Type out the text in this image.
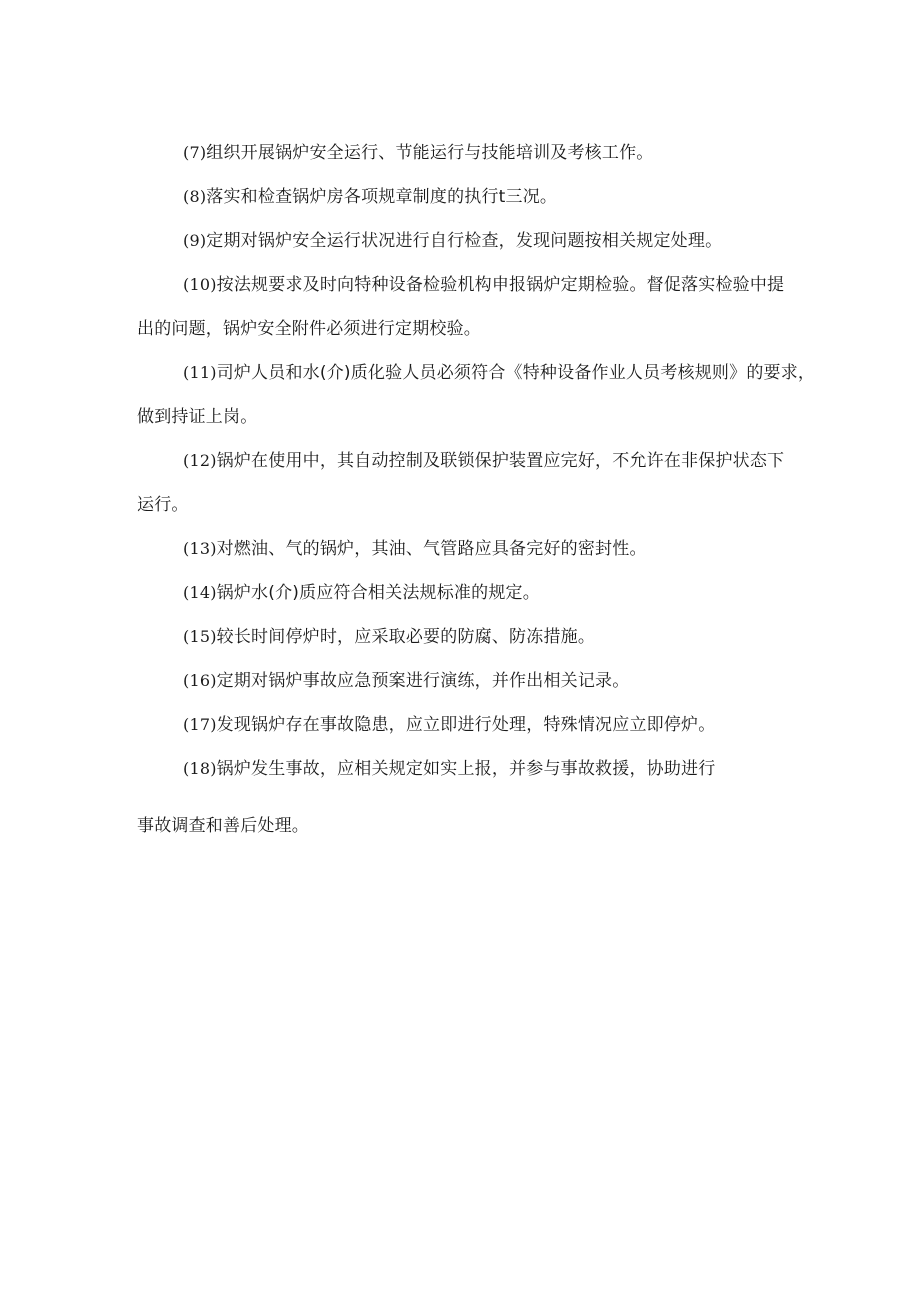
(7)组织开展锅炉安全运行、节能运行与技能培训及考核工作。
(8)落实和检查锅炉房各项规章制度的执行t三况。
(9)定期对锅炉安全运行状况进行自行检查，发现问题按相关规定处理。
(10)按法规要求及时向特种设备检验机构申报锅炉定期检验。督促落实检验中提
出的问题，锅炉安全附件必须进行定期校验。
(11)司炉人员和水(介)质化验人员必须符合《特种设备作业人员考核规则》的要求，
做到持证上岗。
(12)锅炉在使用中，其自动控制及联锁保护装置应完好，不允许在非保护状态下
运行。
(13)对燃油、气的锅炉，其油、气管路应具备完好的密封性。
(14)锅炉水(介)质应符合相关法规标准的规定。
(15)较长时间停炉时，应采取必要的防腐、防冻措施。
(16)定期对锅炉事故应急预案进行演练，并作出相关记录。
(17)发现锅炉存在事故隐患，应立即进行处理，特殊情况应立即停炉。
(18)锅炉发生事故，应相关规定如实上报，并参与事故救援，协助进行
事故调查和善后处理。
